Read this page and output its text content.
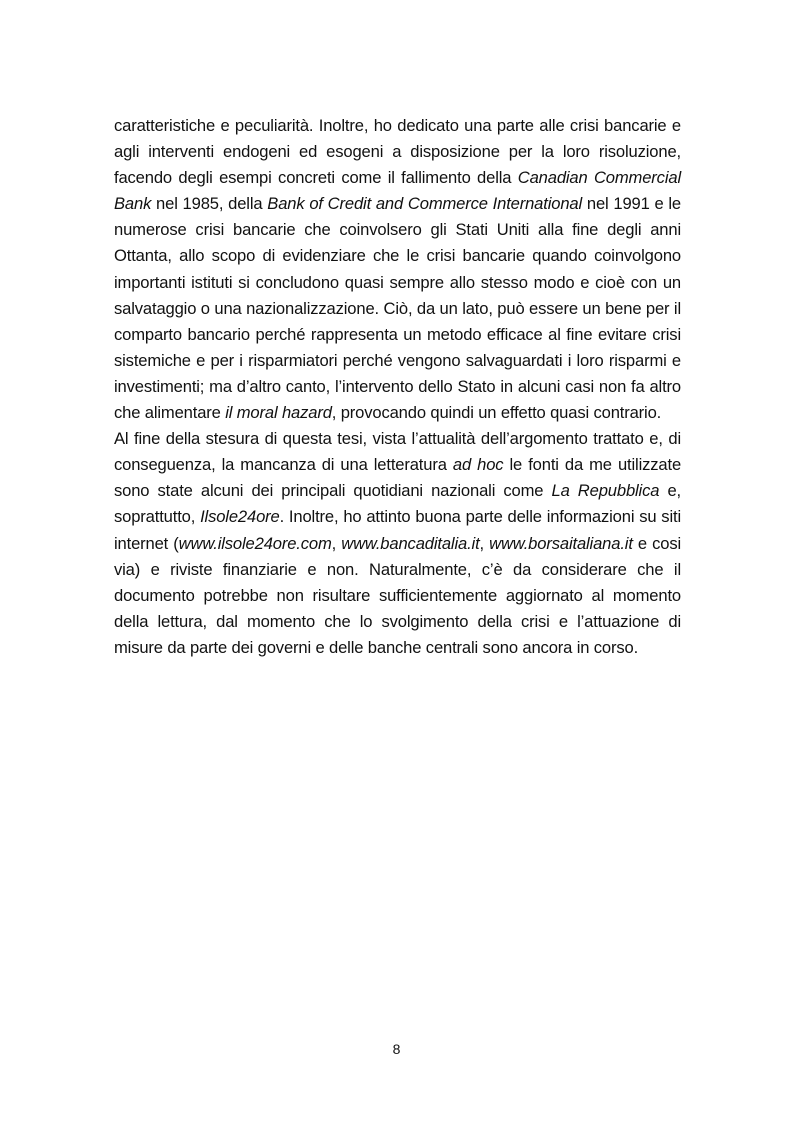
caratteristiche e peculiarità. Inoltre, ho dedicato una parte alle crisi bancarie e agli interventi endogeni ed esogeni a disposizione per la loro risoluzione, facendo degli esempi concreti come il fallimento della Canadian Commercial Bank nel 1985, della Bank of Credit and Commerce International nel 1991 e le numerose crisi bancarie che coinvolsero gli Stati Uniti alla fine degli anni Ottanta, allo scopo di evidenziare che le crisi bancarie quando coinvolgono importanti istituti si concludono quasi sempre allo stesso modo e cioè con un salvataggio o una nazionalizzazione. Ciò, da un lato, può essere un bene per il comparto bancario perché rappresenta un metodo efficace al fine evitare crisi sistemiche e per i risparmiatori perché vengono salvaguardati i loro risparmi e investimenti; ma d’altro canto, l’intervento dello Stato in alcuni casi non fa altro che alimentare il moral hazard, provocando quindi un effetto quasi contrario.

Al fine della stesura di questa tesi, vista l’attualità dell’argomento trattato e, di conseguenza, la mancanza di una letteratura ad hoc le fonti da me utilizzate sono state alcuni dei principali quotidiani nazionali come La Repubblica e, soprattutto, Ilsole24ore. Inoltre, ho attinto buona parte delle informazioni su siti internet (www.ilsole24ore.com, www.bancaditalia.it, www.borsaitaliana.it e cosi via) e riviste finanziarie e non. Naturalmente, c’è da considerare che il documento potrebbe non risultare sufficientemente aggiornato al momento della lettura, dal momento che lo svolgimento della crisi e l’attuazione di misure da parte dei governi e delle banche centrali sono ancora in corso.

8
